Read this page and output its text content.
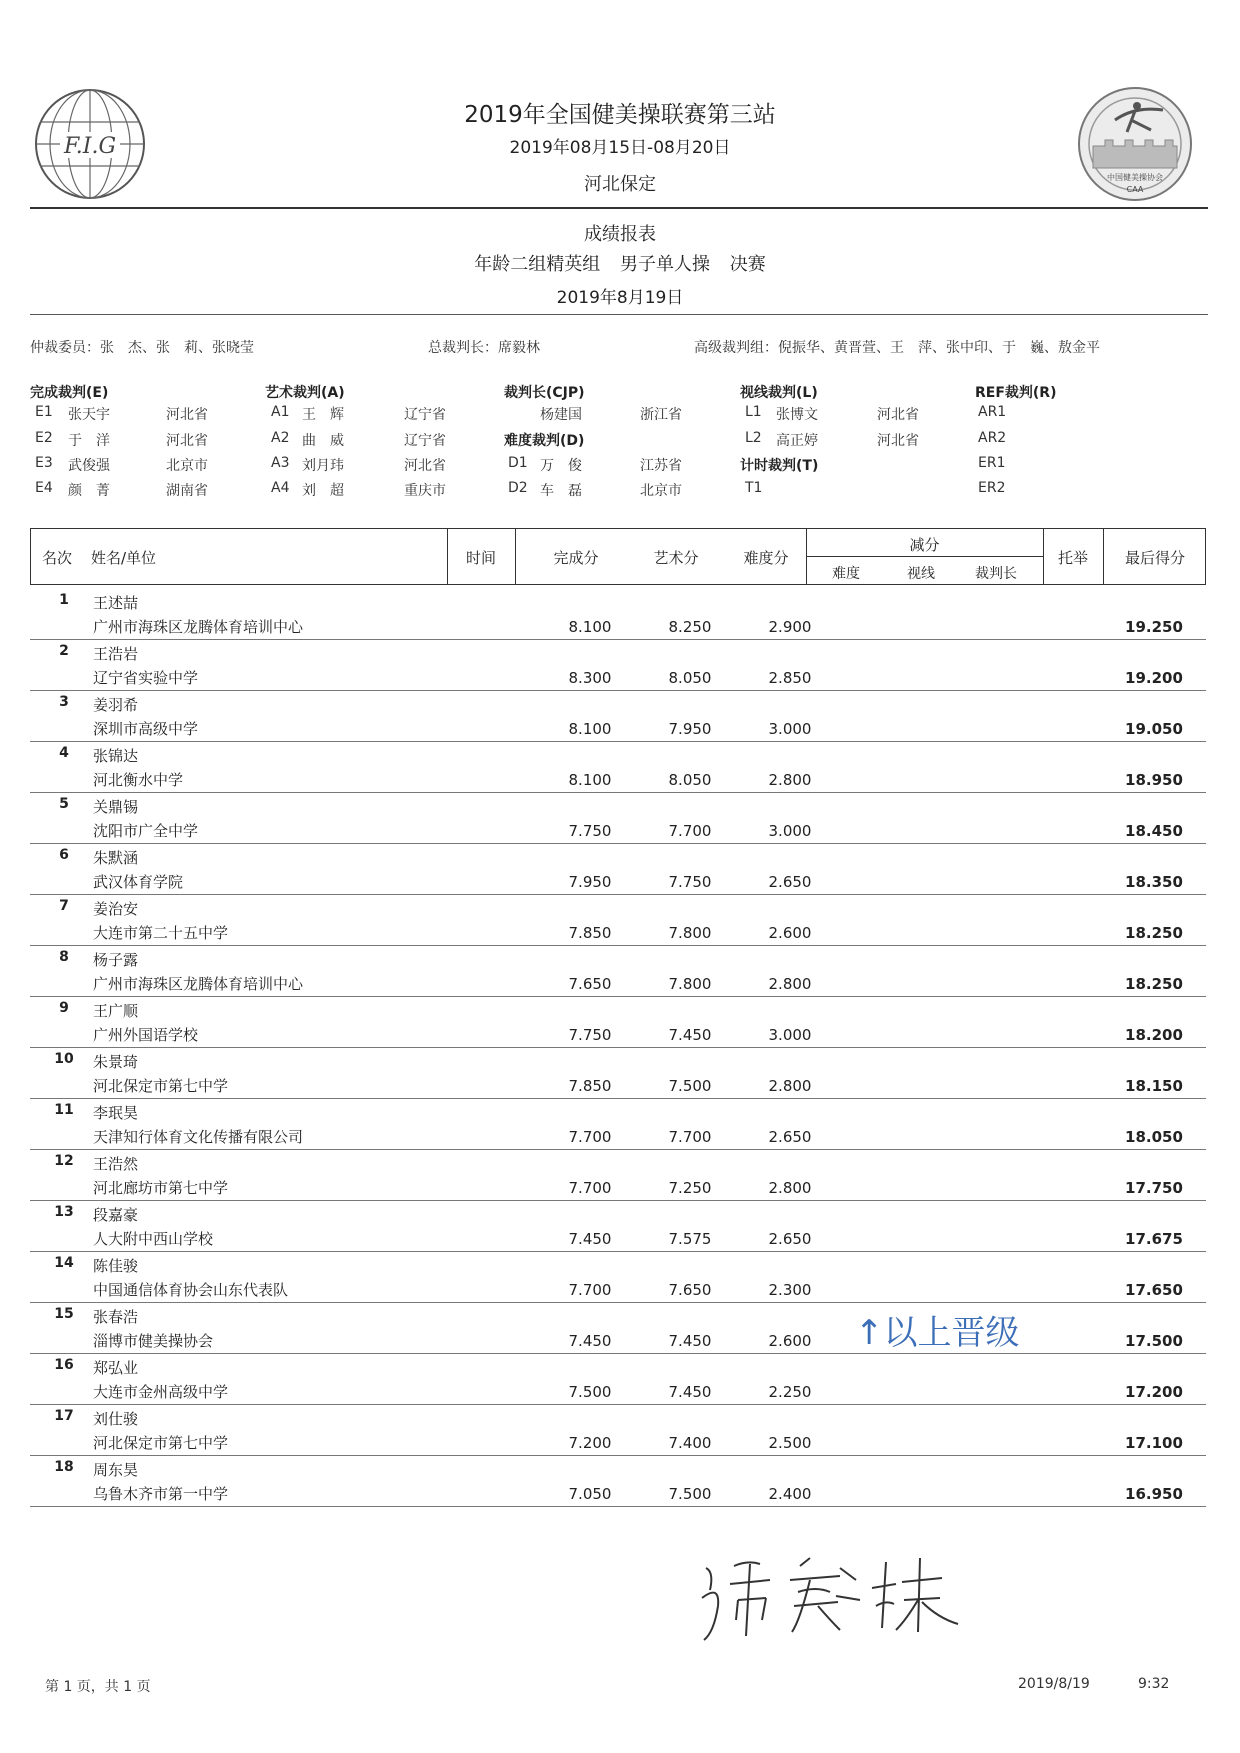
F.I.G
中国健美操协会
CAA
2019年全国健美操联赛第三站
2019年08月15日-08月20日
河北保定
成绩报表
年龄二组精英组 男子单人操 决赛
2019年8月19日
仲裁委员：张　杰、张　莉、张晓莹	总裁判长：席毅林	高级裁判组：倪振华、黄晋萱、王　萍、张中印、于　巍、敖金平
完成裁判(E)
E1 张天宇	河北省
E2 于　洋	河北省
E3 武俊强	北京市
E4 颜　菁	湖南省
艺术裁判(A)
A1 王　辉	辽宁省
A2 曲　威	辽宁省
A3 刘月玮	河北省
A4 刘　超	重庆市
裁判长(CJP)
杨建国	浙江省
难度裁判(D)
D1 万　俊	江苏省
D2 车　磊	北京市
视线裁判(L)
L1 张博文	河北省
L2 高正婷	河北省
计时裁判(T)
T1
REF裁判(R)
AR1
AR2
ER1
ER2
名次	姓名/单位	时间	完成分	艺术分	难度分
减分
难度	视线	裁判长
托举	最后得分
1	王述喆
广州市海珠区龙腾体育培训中心	8.100	8.250	2.900	19.250
2	王浩岩
辽宁省实验中学	8.300	8.050	2.850	19.200
3	姜羽希
深圳市高级中学	8.100	7.950	3.000	19.050
4	张锦达
河北衡水中学	8.100	8.050	2.800	18.950
5	关鼎锡
沈阳市广全中学	7.750	7.700	3.000	18.450
6	朱默涵
武汉体育学院	7.950	7.750	2.650	18.350
7	姜治安
大连市第二十五中学	7.850	7.800	2.600	18.250
8	杨子露
广州市海珠区龙腾体育培训中心	7.650	7.800	2.800	18.250
9	王广顺
广州外国语学校	7.750	7.450	3.000	18.200
10 朱景琦
河北保定市第七中学	7.850	7.500	2.800	18.150
11 李珉昊
天津知行体育文化传播有限公司	7.700	7.700	2.650	18.050
12 王浩然
河北廊坊市第七中学	7.700	7.250	2.800	17.750
13 段嘉豪
人大附中西山学校	7.450	7.575	2.650	17.675
14 陈佳骏
中国通信体育协会山东代表队	7.700	7.650	2.300	17.650
15 张春浩
淄博市健美操协会	7.450	7.450	2.600	17.500
16 郑弘业
大连市金州高级中学	7.500	7.450	2.250	17.200
17 刘仕骏
河北保定市第七中学	7.200	7.400	2.500	17.100
18 周东昊
乌鲁木齐市第一中学	7.050	7.500	2.400	16.950
↑以上晋级
席毅林
第 1 页，共 1 页	2019/8/19	9:32
